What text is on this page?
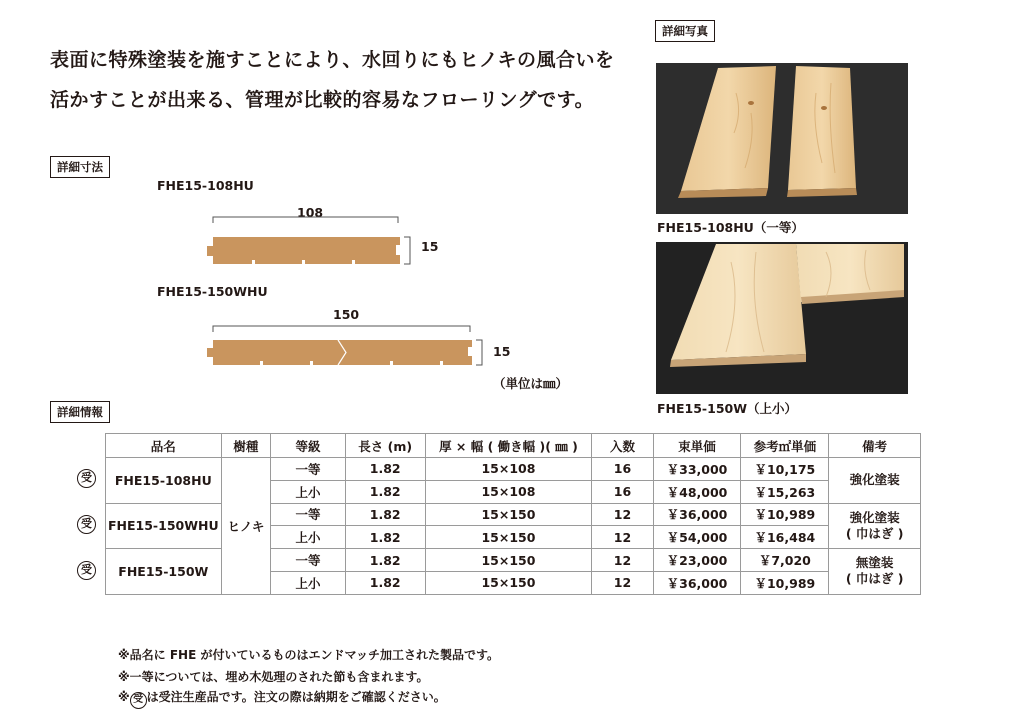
表面に特殊塗装を施すことにより、水回りにもヒノキの風合いを
活かすことが出来る、管理が比較的容易なフローリングです。
詳細寸法
FHE15-108HU
108
15
FHE15-150WHU
150
15
（単位は㎜）
詳細写真
FHE15-108HU（一等）
FHE15-150W（上小）
詳細情報
品名	樹種	等級	長さ (m)	厚 × 幅 ( 働き幅 )( ㎜ )	入数	束単価	参考㎡単価	備考
FHE15-108HU	ヒノキ	一等	1.82	15×108	16	￥33,000	￥10,175	強化塗装

		上小	1.82	15×108	16	￥48,000	￥15,263	
FHE15-150WHU		一等	1.82	15×150	12	￥36,000	￥10,989	強化塗装
( 巾はぎ )

		上小	1.82	15×150	12	￥54,000	￥16,484	
FHE15-150W		一等	1.82	15×150	12	￥23,000	￥7,020	無塗装
( 巾はぎ )

		上小	1.82	15×150	12	￥36,000	￥10,989	
受
受
受
※品名に FHE が付いているものはエンドマッチ加工された製品です。
※一等については、埋め木処理のされた節も含まれます。
※ 受 は受注生産品です。注文の際は納期をご確認ください。
